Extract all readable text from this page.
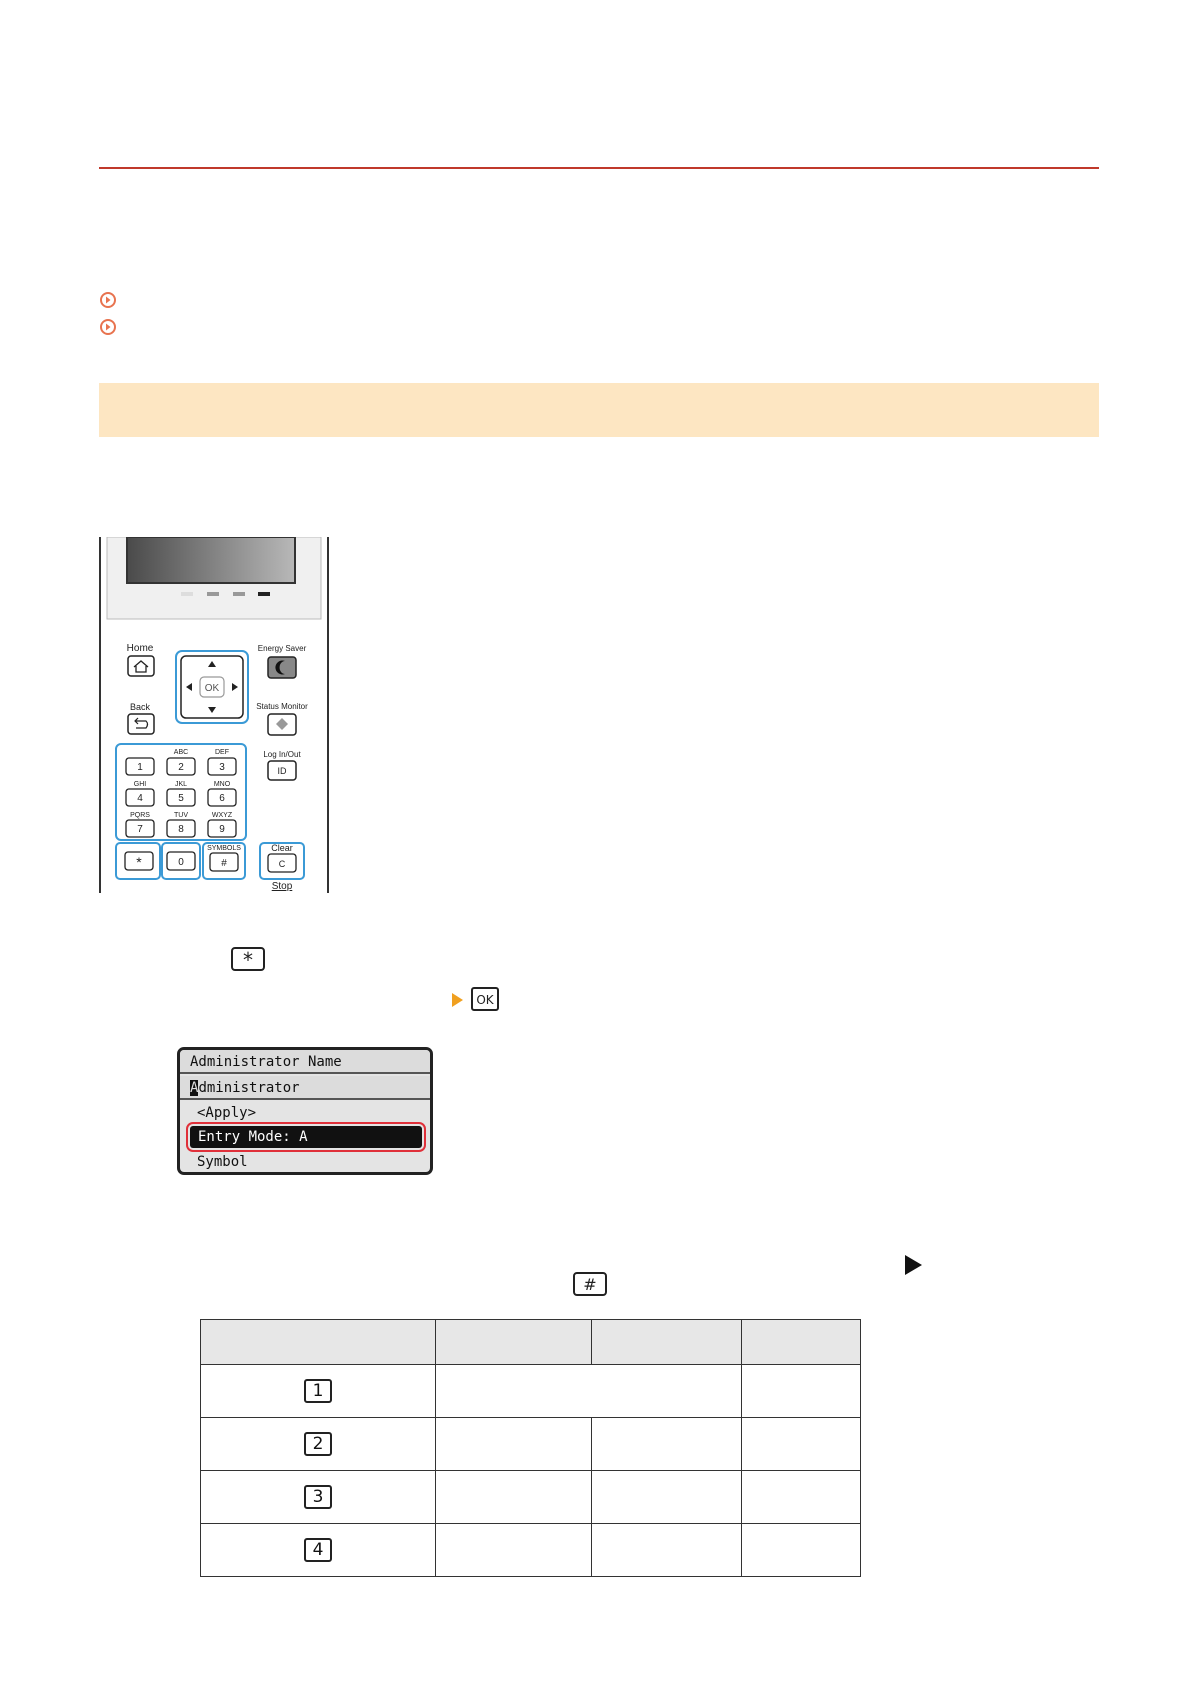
Home
Back
OK
Energy Saver
Status Monitor
Log In/Out
ID
ABC	DEF
1	2	3
GHI	JKL	MNO
4	5	6
PQRS	TUV	WXYZ
7	8	9
*	0
SYMBOLS
#
Clear
C
Stop
*
OK
Administrator Name
Administrator
<Apply>
Entry Mode: A
Symbol
#

1			
2			
3			
4			
